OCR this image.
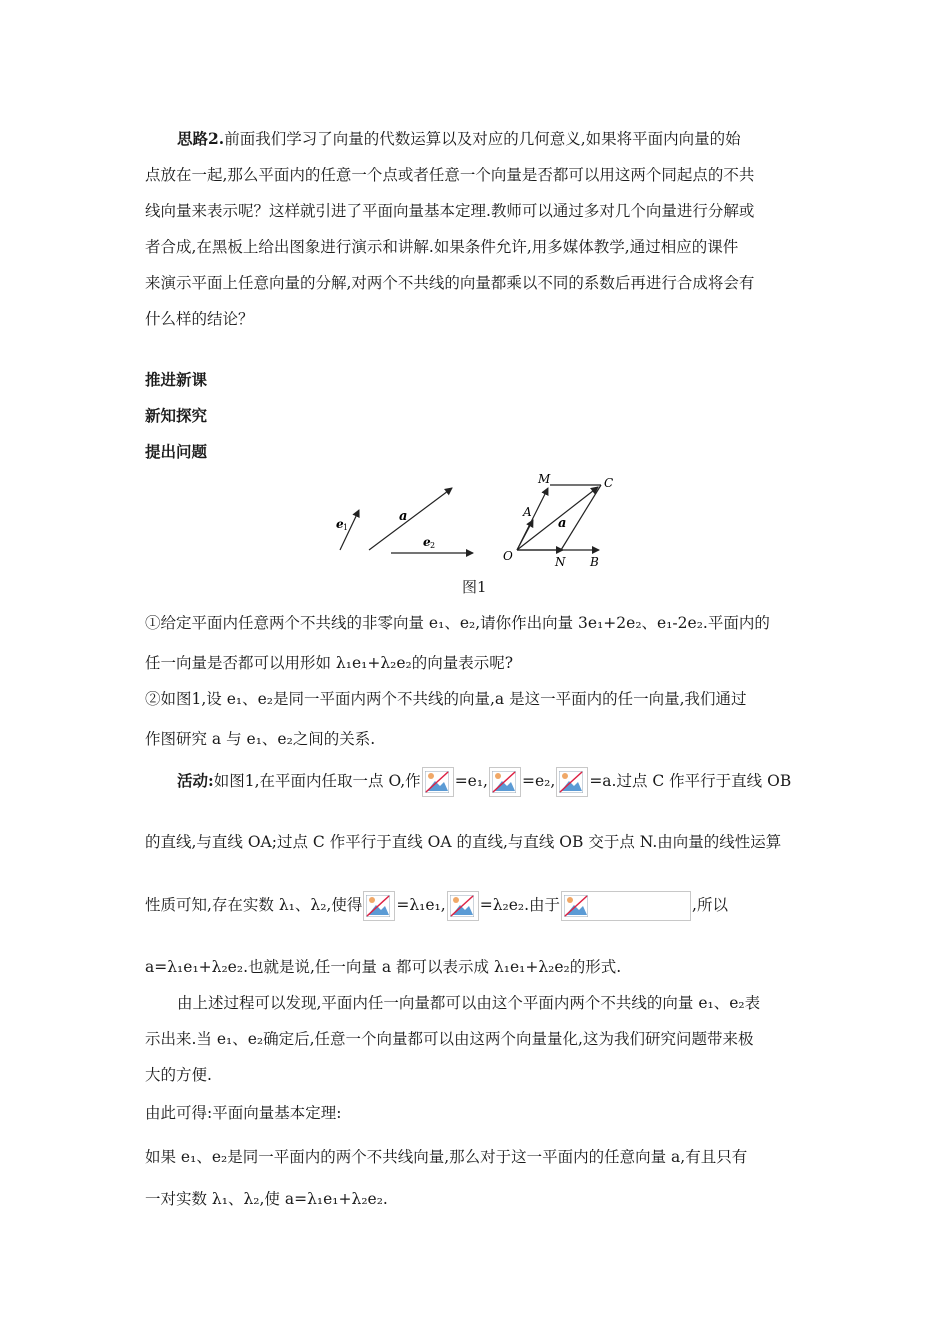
思路2.前面我们学习了向量的代数运算以及对应的几何意义,如果将平面内向量的始
点放在一起,那么平面内的任意一个点或者任意一个向量是否都可以用这两个同起点的不共
线向量来表示呢？这样就引进了平面向量基本定理.教师可以通过多对几个向量进行分解或
者合成,在黑板上给出图象进行演示和讲解.如果条件允许,用多媒体教学,通过相应的课件
来演示平面上任意向量的分解,对两个不共线的向量都乘以不同的系数后再进行合成将会有
什么样的结论？
推进新课
新知探究
提出问题
e 1
a
e 2
M	C
A
a
O	N B
图1
①给定平面内任意两个不共线的非零向量 e₁、e₂,请你作出向量 3e₁+2e₂、e₁-2e₂.平面内的
任一向量是否都可以用形如 λ₁e₁+λ₂e₂的向量表示呢?
②如图1,设 e₁、e₂是同一平面内两个不共线的向量,a 是这一平面内的任一向量,我们通过
作图研究 a 与 e₁、e₂之间的关系.
活动:如图1,在平面内任取一点 O,作 =e₁, =e₂, =a.过点 C 作平行于直线 OB
的直线,与直线 OA;过点 C 作平行于直线 OA 的直线,与直线 OB 交于点 N.由向量的线性运算
性质可知,存在实数 λ₁、λ₂,使得 =λ₁e₁, =λ₂e₂.由于	,所以
a=λ₁e₁+λ₂e₂.也就是说,任一向量 a 都可以表示成 λ₁e₁+λ₂e₂的形式.
由上述过程可以发现,平面内任一向量都可以由这个平面内两个不共线的向量 e₁、e₂表
示出来.当 e₁、e₂确定后,任意一个向量都可以由这两个向量量化,这为我们研究问题带来极
大的方便.
由此可得:平面向量基本定理:
如果 e₁、e₂是同一平面内的两个不共线向量,那么对于这一平面内的任意向量 a,有且只有
一对实数 λ₁、λ₂,使 a=λ₁e₁+λ₂e₂.
